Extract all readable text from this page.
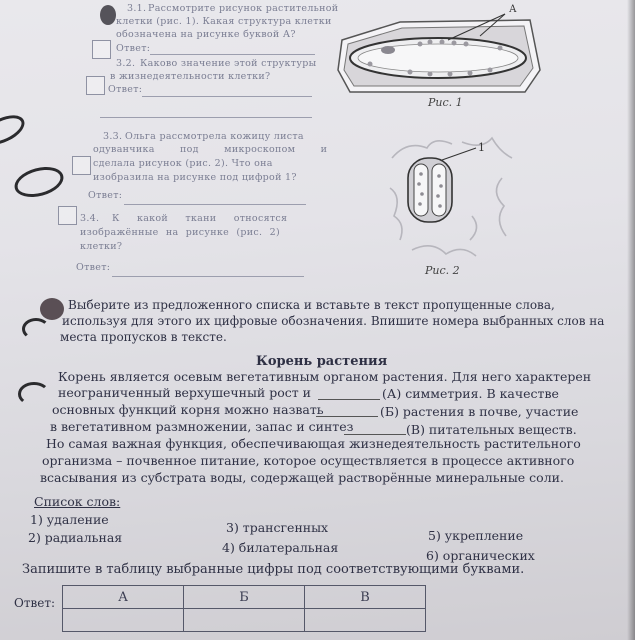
3.1. Рассмотрите рисунок растительной
клетки (рис. 1). Какая структура клетки
обозначена на рисунке буквой А?
Ответ:
3.2. Каково значение этой структуры
в жизнедеятельности клетки?
Ответ:
А
Рис. 1
3.3. Ольга рассмотрела кожицу листа
одуванчика под микроскопом и
сделала рисунок (рис. 2). Что она
изобразила на рисунке под цифрой 1?
Ответ:
3.4. К какой ткани относятся
изображённые на рисунке (рис. 2)
клетки?
Ответ:
1
Рис. 2
Выберите из предложенного списка и вставьте в текст пропущенные слова,
используя для этого их цифровые обозначения. Впишите номера выбранных слов на
места пропусков в тексте.
Корень растения
Корень является осевым вегетативным органом растения. Для него характерен
неограниченный верхушечный рост и	(А) симметрия. В качестве
основных функций корня можно назвать	(Б) растения в почве, участие
в вегетативном размножении, запас и синтез	(В) питательных веществ.
Но самая важная функция, обеспечивающая жизнедеятельность растительного
организма – почвенное питание, которое осуществляется в процессе активного
всасывания из субстрата воды, содержащей растворённые минеральные соли.
Список слов:
1) удаление
2) радиальная
3) трансгенных
4) билатеральная
5) укрепление
6) органических
Запишите в таблицу выбранные цифры под соответствующими буквами.
Ответ:	А	Б	В
